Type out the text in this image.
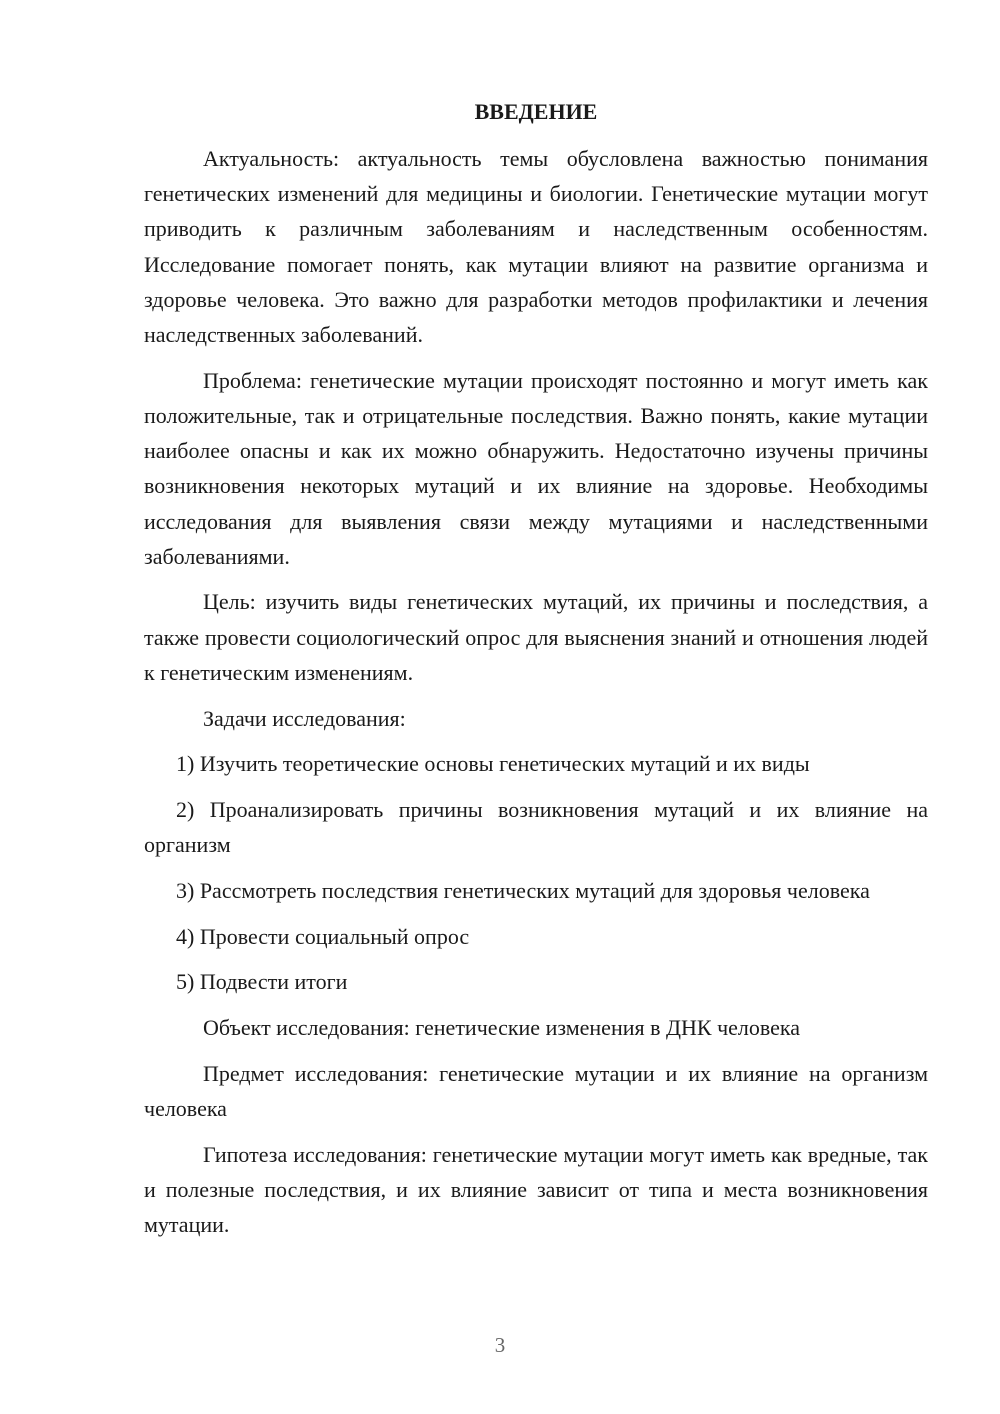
ВВЕДЕНИЕ

Актуальность: актуальность темы обусловлена важностью понимания генетических изменений для медицины и биологии. Генетические мутации могут приводить к различным заболеваниям и наследственным особенностям. Исследование помогает понять, как мутации влияют на развитие организма и здоровье человека. Это важно для разработки методов профилактики и лечения наследственных заболеваний.

Проблема: генетические мутации происходят постоянно и могут иметь как положительные, так и отрицательные последствия. Важно понять, какие мутации наиболее опасны и как их можно обнаружить. Недостаточно изучены причины возникновения некоторых мутаций и их влияние на здоровье. Необходимы исследования для выявления связи между мутациями и наследственными заболеваниями.

Цель: изучить виды генетических мутаций, их причины и последствия, а также провести социологический опрос для выяснения знаний и отношения людей к генетическим изменениям.

Задачи исследования:

1) Изучить теоретические основы генетических мутаций и их виды

2) Проанализировать причины возникновения мутаций и их влияние на организм

3) Рассмотреть последствия генетических мутаций для здоровья человека

4) Провести социальный опрос

5) Подвести итоги

Объект исследования: генетические изменения в ДНК человека

Предмет исследования: генетические мутации и их влияние на организм человека

Гипотеза исследования: генетические мутации могут иметь как вредные, так и полезные последствия, и их влияние зависит от типа и места возникновения мутации.

3
